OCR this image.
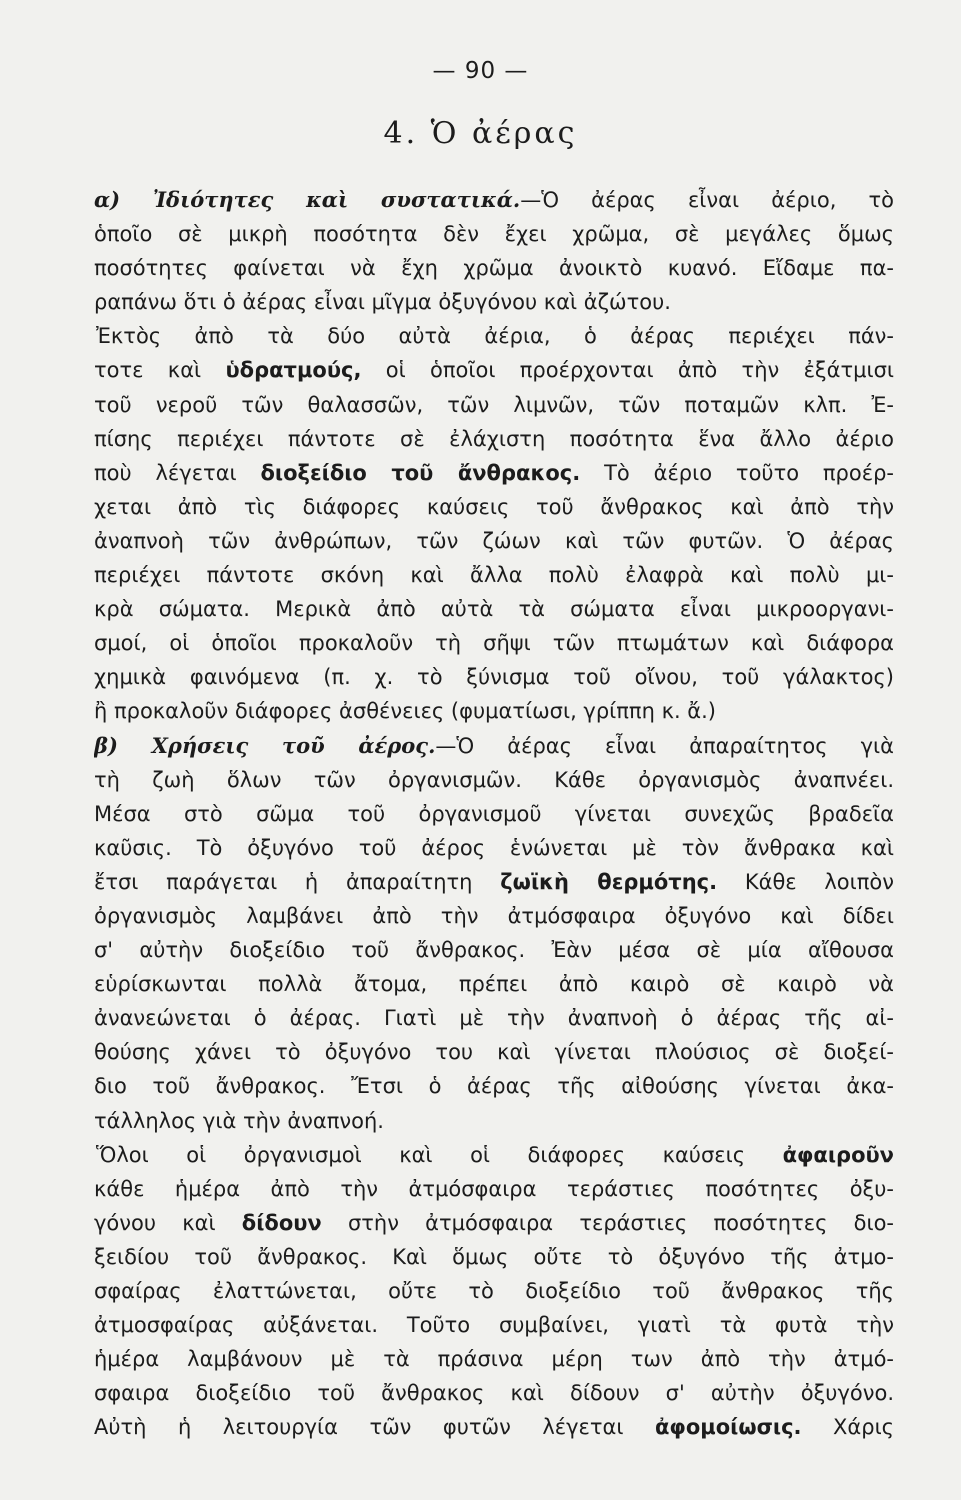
— 90 —
4. Ὁ ἀέρας
α) Ἰδιότητες καὶ συστατικά.—Ὁ ἀέρας εἶναι ἀέριο, τὸ
ὁποῖο σὲ μικρὴ ποσότητα δὲν ἔχει χρῶμα, σὲ μεγάλες ὅμως
ποσότητες φαίνεται νὰ ἔχη χρῶμα ἀνοικτὸ κυανό. Εἴδαμε πα-
ραπάνω ὅτι ὁ ἀέρας εἶναι μῖγμα ὀξυγόνου καὶ ἀζώτου.
Ἐκτὸς ἀπὸ τὰ δύο αὐτὰ ἀέρια, ὁ ἀέρας περιέχει πάν-
τοτε καὶ ὑδρατμούς, οἱ ὁποῖοι προέρχονται ἀπὸ τὴν ἐξάτμισι
τοῦ νεροῦ τῶν θαλασσῶν, τῶν λιμνῶν, τῶν ποταμῶν κλπ. Ἐ-
πίσης περιέχει πάντοτε σὲ ἐλάχιστη ποσότητα ἕνα ἄλλο ἀέριο
ποὺ λέγεται διοξείδιο τοῦ ἄνθρακος. Τὸ ἀέριο τοῦτο προέρ-
χεται ἀπὸ τὶς διάφορες καύσεις τοῦ ἄνθρακος καὶ ἀπὸ τὴν
ἀναπνοὴ τῶν ἀνθρώπων, τῶν ζώων καὶ τῶν φυτῶν. Ὁ ἀέρας
περιέχει πάντοτε σκόνη καὶ ἄλλα πολὺ ἐλαφρὰ καὶ πολὺ μι-
κρὰ σώματα. Μερικὰ ἀπὸ αὐτὰ τὰ σώματα εἶναι μικροοργανι-
σμοί, οἱ ὁποῖοι προκαλοῦν τὴ σῆψι τῶν πτωμάτων καὶ διάφορα
χημικὰ φαινόμενα (π. χ. τὸ ξύνισμα τοῦ οἴνου, τοῦ γάλακτος)
ἢ προκαλοῦν διάφορες ἀσθένειες (φυματίωσι, γρίππη κ. ἄ.)
β) Χρήσεις τοῦ ἀέρος.—Ὁ ἀέρας εἶναι ἀπαραίτητος γιὰ
τὴ ζωὴ ὅλων τῶν ὀργανισμῶν. Κάθε ὀργανισμὸς ἀναπνέει.
Μέσα στὸ σῶμα τοῦ ὀργανισμοῦ γίνεται συνεχῶς βραδεῖα
καῦσις. Τὸ ὀξυγόνο τοῦ ἀέρος ἑνώνεται μὲ τὸν ἄνθρακα καὶ
ἔτσι παράγεται ἡ ἀπαραίτητη ζωϊκὴ θερμότης. Κάθε λοιπὸν
ὀργανισμὸς λαμβάνει ἀπὸ τὴν ἀτμόσφαιρα ὀξυγόνο καὶ δίδει
σ' αὐτὴν διοξείδιο τοῦ ἄνθρακος. Ἐὰν μέσα σὲ μία αἴθουσα
εὑρίσκωνται πολλὰ ἄτομα, πρέπει ἀπὸ καιρὸ σὲ καιρὸ νὰ
ἀνανεώνεται ὁ ἀέρας. Γιατὶ μὲ τὴν ἀναπνοὴ ὁ ἀέρας τῆς αἰ-
θούσης χάνει τὸ ὀξυγόνο του καὶ γίνεται πλούσιος σὲ διοξεί-
διο τοῦ ἄνθρακος. Ἔτσι ὁ ἀέρας τῆς αἰθούσης γίνεται ἀκα-
τάλληλος γιὰ τὴν ἀναπνοή.
Ὅλοι οἱ ὀργανισμοὶ καὶ οἱ διάφορες καύσεις ἀφαιροῦν
κάθε ἡμέρα ἀπὸ τὴν ἀτμόσφαιρα τεράστιες ποσότητες ὀξυ-
γόνου καὶ δίδουν στὴν ἀτμόσφαιρα τεράστιες ποσότητες διο-
ξειδίου τοῦ ἄνθρακος. Καὶ ὅμως οὔτε τὸ ὀξυγόνο τῆς ἀτμο-
σφαίρας ἐλαττώνεται, οὔτε τὸ διοξείδιο τοῦ ἄνθρακος τῆς
ἀτμοσφαίρας αὐξάνεται. Τοῦτο συμβαίνει, γιατὶ τὰ φυτὰ τὴν
ἡμέρα λαμβάνουν μὲ τὰ πράσινα μέρη των ἀπὸ τὴν ἀτμό-
σφαιρα διοξείδιο τοῦ ἄνθρακος καὶ δίδουν σ' αὐτὴν ὀξυγόνο.
Αὐτὴ ἡ λειτουργία τῶν φυτῶν λέγεται ἀφομοίωσις. Χάρις
